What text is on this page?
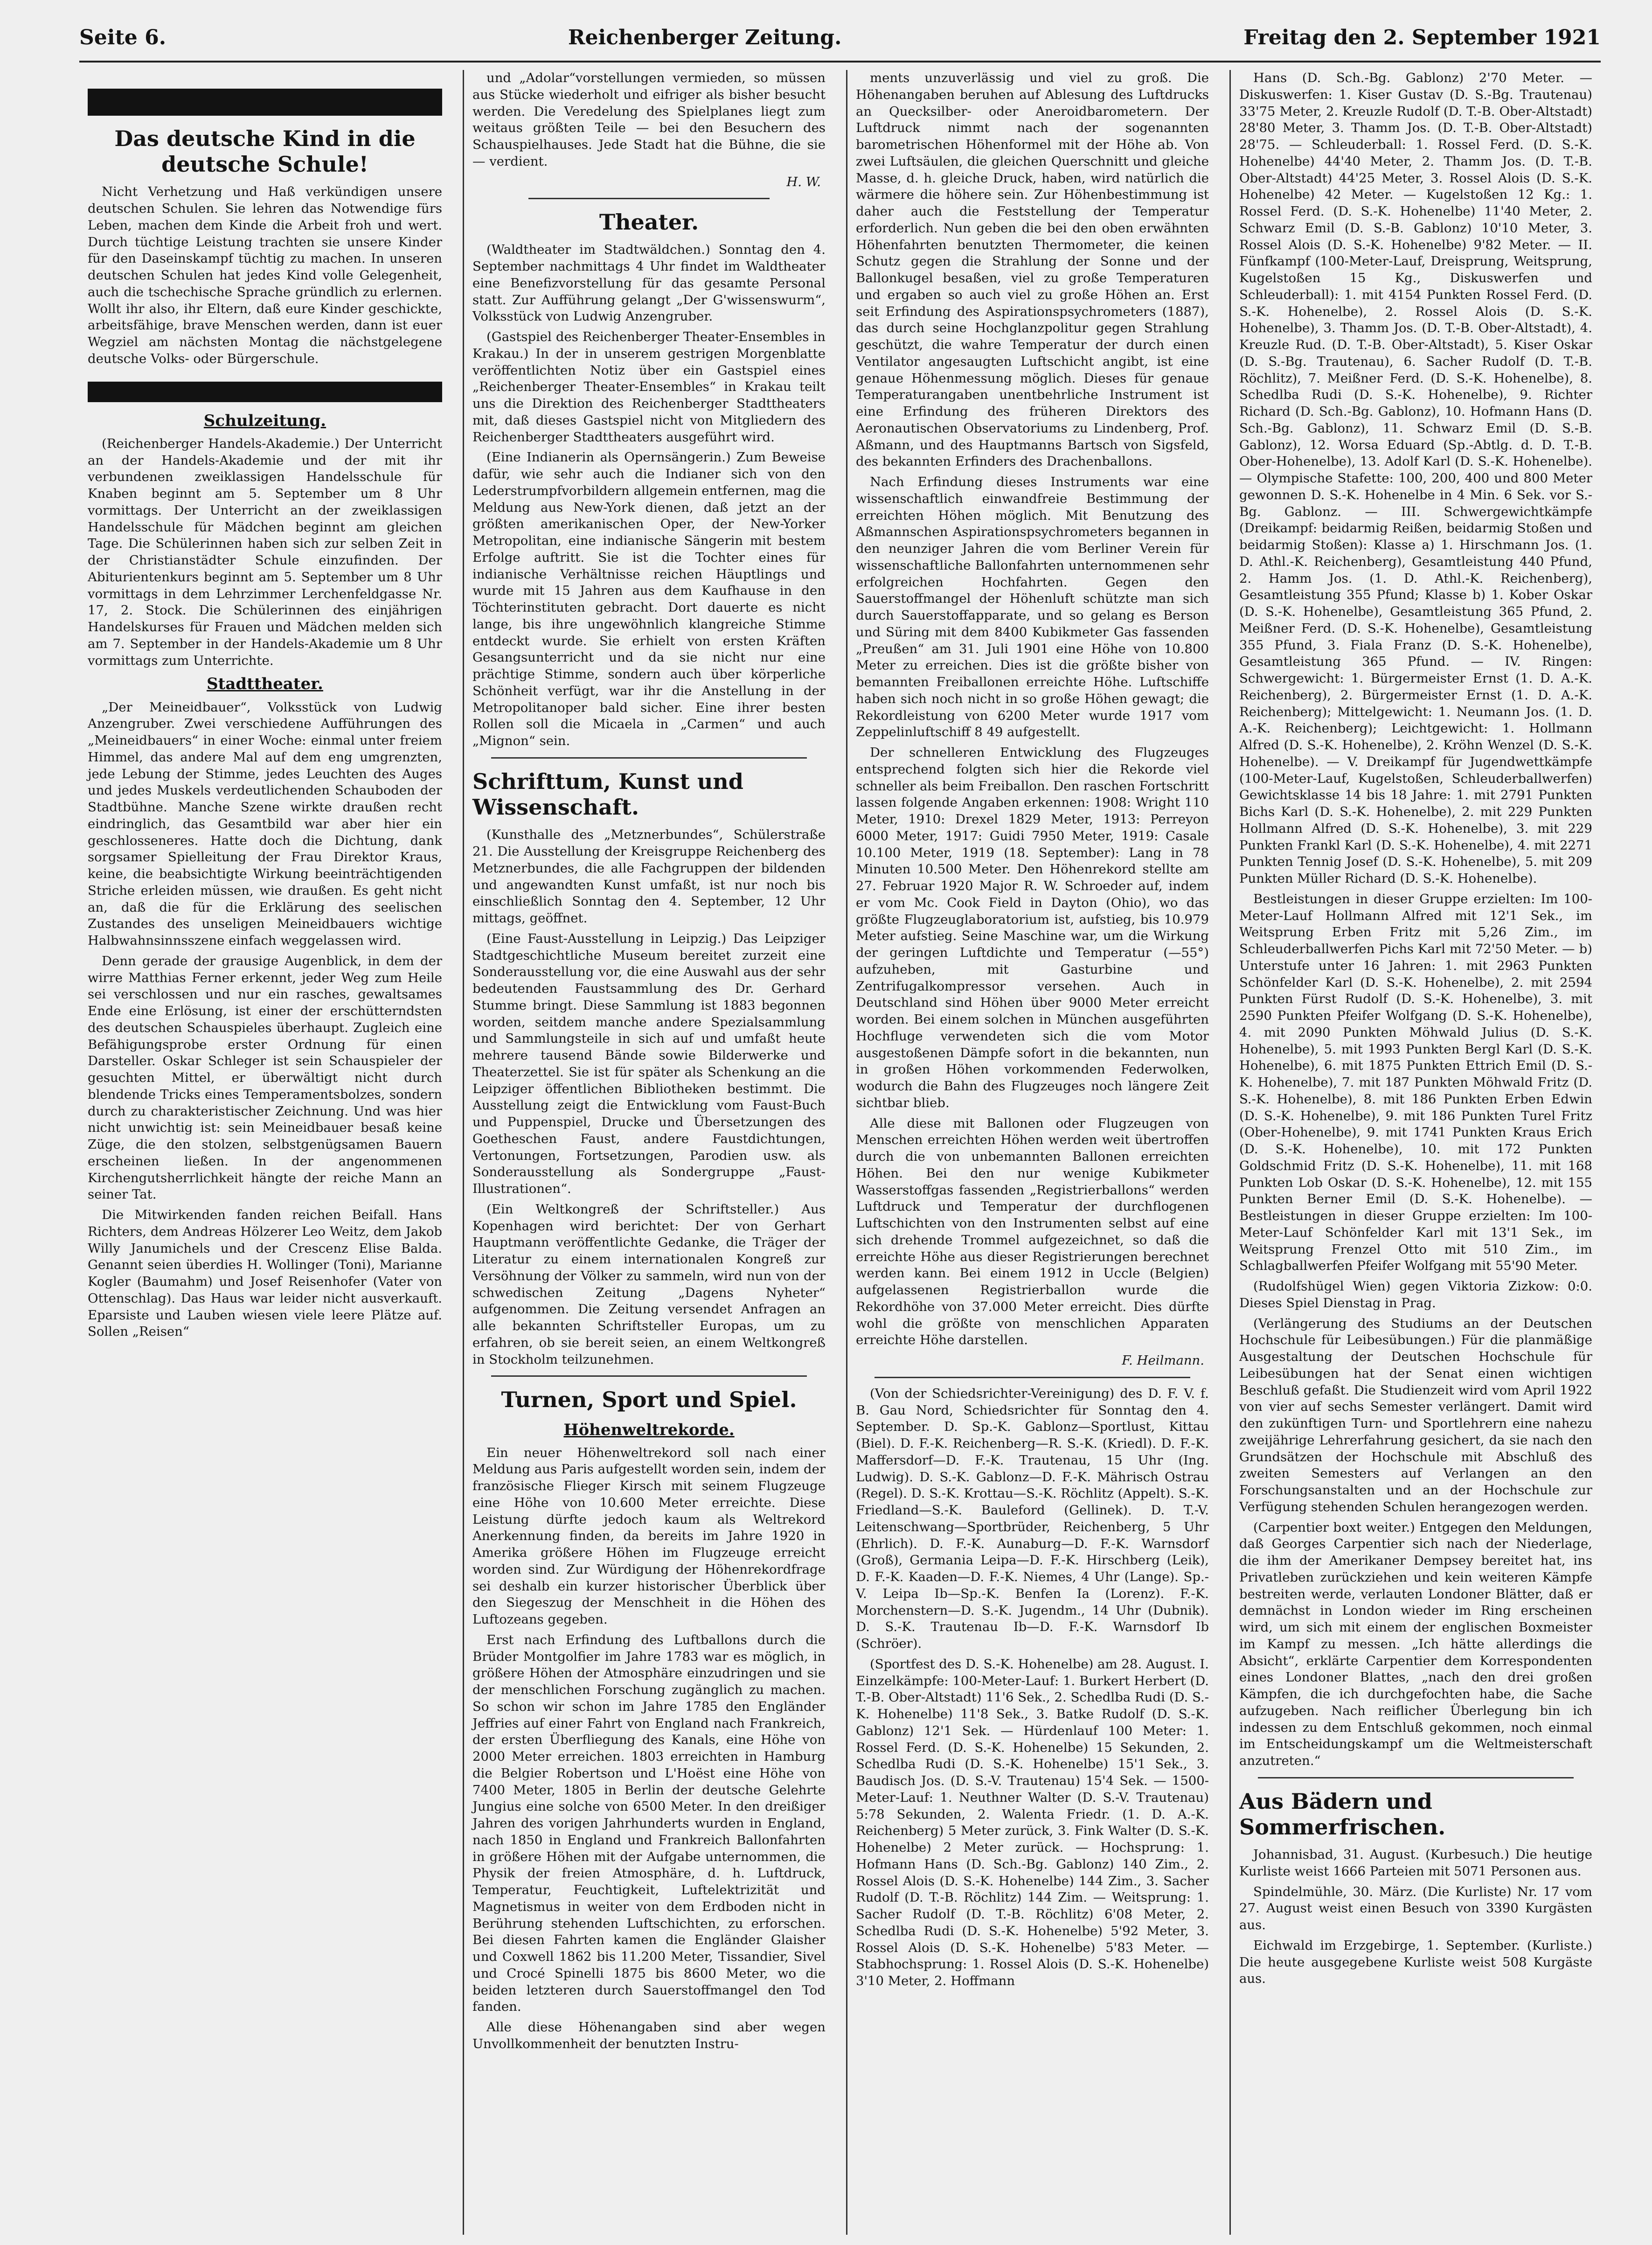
Seite 6.	Reichenberger Zeitung.	Freitag den 2. September 1921
Das deutsche Kind in die deutsche Schule!

Nicht Verhetzung und Haß verkündigen unsere deutschen Schulen. Sie lehren das Notwendige fürs Leben, machen dem Kinde die Arbeit froh und wert. Durch tüchtige Leistung trachten sie unsere Kinder für den Daseinskampf tüchtig zu machen. In unseren deutschen Schulen hat jedes Kind volle Gelegenheit, auch die tschechische Sprache gründlich zu erlernen. Wollt ihr also, ihr Eltern, daß eure Kinder geschickte, arbeitsfähige, brave Menschen werden, dann ist euer Wegziel am nächsten Montag die nächstgelegene deutsche Volks- oder Bürgerschule.

Schulzeitung.

(Reichenberger Handels-Akademie.) Der Unterricht an der Handels-Akademie und der mit ihr verbundenen zweiklassigen Handelsschule für Knaben beginnt am 5. September um 8 Uhr vormittags. Der Unterricht an der zweiklassigen Handelsschule für Mädchen beginnt am gleichen Tage. Die Schülerinnen haben sich zur selben Zeit in der Christianstädter Schule einzufinden. Der Abiturientenkurs beginnt am 5. September um 8 Uhr vormittags in dem Lehrzimmer Lerchenfeldgasse Nr. 17, 2. Stock. Die Schülerinnen des einjährigen Handelskurses für Frauen und Mädchen melden sich am 7. September in der Handels-Akademie um 8 Uhr vormittags zum Unterrichte.

Stadttheater.

„Der Meineidbauer“, Volksstück von Ludwig Anzengruber. Zwei verschiedene Aufführungen des „Meineidbauers“ in einer Woche: einmal unter freiem Himmel, das andere Mal auf dem eng umgrenzten, jede Lebung der Stimme, jedes Leuchten des Auges und jedes Muskels verdeutlichenden Schauboden der Stadtbühne. Manche Szene wirkte draußen recht eindringlich, das Gesamtbild war aber hier ein geschlosseneres. Hatte doch die Dichtung, dank sorgsamer Spielleitung der Frau Direktor Kraus, keine, die beabsichtigte Wirkung beeinträchtigenden Striche erleiden müssen, wie draußen. Es geht nicht an, daß die für die Erklärung des seelischen Zustandes des unseligen Meineidbauers wichtige Halbwahnsinnsszene einfach weggelassen wird.

Denn gerade der grausige Augenblick, in dem der wirre Matthias Ferner erkennt, jeder Weg zum Heile sei verschlossen und nur ein rasches, gewaltsames Ende eine Erlösung, ist einer der erschütterndsten des deutschen Schauspieles überhaupt. Zugleich eine Befähigungsprobe erster Ordnung für einen Darsteller. Oskar Schleger ist sein Schauspieler der gesuchten Mittel, er überwältigt nicht durch blendende Tricks eines Temperamentsbolzes, sondern durch zu charakteristischer Zeichnung. Und was hier nicht unwichtig ist: sein Meineidbauer besaß keine Züge, die den stolzen, selbstgenügsamen Bauern erscheinen ließen. In der angenommenen Kirchengutsherrlichkeit hängte der reiche Mann an seiner Tat.

Die Mitwirkenden fanden reichen Beifall. Hans Richters, dem Andreas Hölzerer Leo Weitz, dem Jakob Willy Janumichels und der Crescenz Elise Balda. Genannt seien überdies H. Wollinger (Toni), Marianne Kogler (Baumahm) und Josef Reisenhofer (Vater von Ottenschlag). Das Haus war leider nicht ausverkauft. Eparsiste und Lauben wiesen viele leere Plätze auf. Sollen „Reisen“

und „Adolar“vorstellungen vermieden, so müssen aus Stücke wiederholt und eifriger als bisher besucht werden. Die Veredelung des Spielplanes liegt zum weitaus größten Teile — bei den Besuchern des Schauspielhauses. Jede Stadt hat die Bühne, die sie — verdient.

H. W.
Theater.

(Waldtheater im Stadtwäldchen.) Sonntag den 4. September nachmittags 4 Uhr findet im Waldtheater eine Benefizvorstellung für das gesamte Personal statt. Zur Aufführung gelangt „Der G'wissenswurm“, Volksstück von Ludwig Anzengruber.

(Gastspiel des Reichenberger Theater-Ensembles in Krakau.) In der in unserem gestrigen Morgenblatte veröffentlichten Notiz über ein Gastspiel eines „Reichenberger Theater-Ensembles“ in Krakau teilt uns die Direktion des Reichenberger Stadttheaters mit, daß dieses Gastspiel nicht von Mitgliedern des Reichenberger Stadttheaters ausgeführt wird.

(Eine Indianerin als Opernsängerin.) Zum Beweise dafür, wie sehr auch die Indianer sich von den Lederstrumpfvorbildern allgemein entfernen, mag die Meldung aus New-York dienen, daß jetzt an der größten amerikanischen Oper, der New-Yorker Metropolitan, eine indianische Sängerin mit bestem Erfolge auftritt. Sie ist die Tochter eines für indianische Verhältnisse reichen Häuptlings und wurde mit 15 Jahren aus dem Kaufhause in den Töchterinstituten gebracht. Dort dauerte es nicht lange, bis ihre ungewöhnlich klangreiche Stimme entdeckt wurde. Sie erhielt von ersten Kräften Gesangsunterricht und da sie nicht nur eine prächtige Stimme, sondern auch über körperliche Schönheit verfügt, war ihr die Anstellung in der Metropolitanoper bald sicher. Eine ihrer besten Rollen soll die Micaela in „Carmen“ und auch „Mignon“ sein.

Schrifttum, Kunst und Wissenschaft.

(Kunsthalle des „Metznerbundes“, Schülerstraße 21. Die Ausstellung der Kreisgruppe Reichenberg des Metznerbundes, die alle Fachgruppen der bildenden und angewandten Kunst umfaßt, ist nur noch bis einschließlich Sonntag den 4. September, 12 Uhr mittags, geöffnet.

(Eine Faust-Ausstellung in Leipzig.) Das Leipziger Stadtgeschichtliche Museum bereitet zurzeit eine Sonderausstellung vor, die eine Auswahl aus der sehr bedeutenden Faustsammlung des Dr. Gerhard Stumme bringt. Diese Sammlung ist 1883 begonnen worden, seitdem manche andere Spezialsammlung und Sammlungsteile in sich auf und umfaßt heute mehrere tausend Bände sowie Bilderwerke und Theaterzettel. Sie ist für später als Schenkung an die Leipziger öffentlichen Bibliotheken bestimmt. Die Ausstellung zeigt die Entwicklung vom Faust-Buch und Puppenspiel, Drucke und Übersetzungen des Goetheschen Faust, andere Faustdichtungen, Vertonungen, Fortsetzungen, Parodien usw. als Sonderausstellung als Sondergruppe „Faust-Illustrationen“.

(Ein Weltkongreß der Schriftsteller.) Aus Kopenhagen wird berichtet: Der von Gerhart Hauptmann veröffentlichte Gedanke, die Träger der Literatur zu einem internationalen Kongreß zur Versöhnung der Völker zu sammeln, wird nun von der schwedischen Zeitung „Dagens Nyheter“ aufgenommen. Die Zeitung versendet Anfragen an alle bekannten Schriftsteller Europas, um zu erfahren, ob sie bereit seien, an einem Weltkongreß in Stockholm teilzunehmen.

Turnen, Sport und Spiel.
Höhenweltrekorde.

Ein neuer Höhenweltrekord soll nach einer Meldung aus Paris aufgestellt worden sein, indem der französische Flieger Kirsch mit seinem Flugzeuge eine Höhe von 10.600 Meter erreichte. Diese Leistung dürfte jedoch kaum als Weltrekord Anerkennung finden, da bereits im Jahre 1920 in Amerika größere Höhen im Flugzeuge erreicht worden sind. Zur Würdigung der Höhenrekordfrage sei deshalb ein kurzer historischer Überblick über den Siegeszug der Menschheit in die Höhen des Luftozeans gegeben.

Erst nach Erfindung des Luftballons durch die Brüder Montgolfier im Jahre 1783 war es möglich, in größere Höhen der Atmosphäre einzudringen und sie der menschlichen Forschung zugänglich zu machen. So schon wir schon im Jahre 1785 den Engländer Jeffries auf einer Fahrt von England nach Frankreich, der ersten Überfliegung des Kanals, eine Höhe von 2000 Meter erreichen. 1803 erreichten in Hamburg die Belgier Robertson und L'Hoëst eine Höhe von 7400 Meter, 1805 in Berlin der deutsche Gelehrte Jungius eine solche von 6500 Meter. In den dreißiger Jahren des vorigen Jahrhunderts wurden in England, nach 1850 in England und Frankreich Ballonfahrten in größere Höhen mit der Aufgabe unternommen, die Physik der freien Atmosphäre, d. h. Luftdruck, Temperatur, Feuchtigkeit, Luftelektrizität und Magnetismus in weiter von dem Erdboden nicht in Berührung stehenden Luftschichten, zu erforschen. Bei diesen Fahrten kamen die Engländer Glaisher und Coxwell 1862 bis 11.200 Meter, Tissandier, Sivel und Crocé Spinelli 1875 bis 8600 Meter, wo die beiden letzteren durch Sauerstoffmangel den Tod fanden.

Alle diese Höhenangaben sind aber wegen Unvollkommenheit der benutzten Instru-

ments unzuverlässig und viel zu groß. Die Höhenangaben beruhen auf Ablesung des Luftdrucks an Quecksilber- oder Aneroidbarometern. Der Luftdruck nimmt nach der sogenannten barometrischen Höhenformel mit der Höhe ab. Von zwei Luftsäulen, die gleichen Querschnitt und gleiche Masse, d. h. gleiche Druck, haben, wird natürlich die wärmere die höhere sein. Zur Höhenbestimmung ist daher auch die Feststellung der Temperatur erforderlich. Nun geben die bei den oben erwähnten Höhenfahrten benutzten Thermometer, die keinen Schutz gegen die Strahlung der Sonne und der Ballonkugel besaßen, viel zu große Temperaturen und ergaben so auch viel zu große Höhen an. Erst seit Erfindung des Aspirationspsychrometers (1887), das durch seine Hochglanzpolitur gegen Strahlung geschützt, die wahre Temperatur der durch einen Ventilator angesaugten Luftschicht angibt, ist eine genaue Höhenmessung möglich. Dieses für genaue Temperaturangaben unentbehrliche Instrument ist eine Erfindung des früheren Direktors des Aeronautischen Observatoriums zu Lindenberg, Prof. Aßmann, und des Hauptmanns Bartsch von Sigsfeld, des bekannten Erfinders des Drachenballons.

Nach Erfindung dieses Instruments war eine wissenschaftlich einwandfreie Bestimmung der erreichten Höhen möglich. Mit Benutzung des Aßmannschen Aspirationspsychrometers begannen in den neunziger Jahren die vom Berliner Verein für wissenschaftliche Ballonfahrten unternommenen sehr erfolgreichen Hochfahrten. Gegen den Sauerstoffmangel der Höhenluft schützte man sich durch Sauerstoffapparate, und so gelang es Berson und Süring mit dem 8400 Kubikmeter Gas fassenden „Preußen“ am 31. Juli 1901 eine Höhe von 10.800 Meter zu erreichen. Dies ist die größte bisher von bemannten Freiballonen erreichte Höhe. Luftschiffe haben sich noch nicht in so große Höhen gewagt; die Rekordleistung von 6200 Meter wurde 1917 vom Zeppelinluftschiff 8 49 aufgestellt.

Der schnelleren Entwicklung des Flugzeuges entsprechend folgten sich hier die Rekorde viel schneller als beim Freiballon. Den raschen Fortschritt lassen folgende Angaben erkennen: 1908: Wright 110 Meter, 1910: Drexel 1829 Meter, 1913: Perreyon 6000 Meter, 1917: Guidi 7950 Meter, 1919: Casale 10.100 Meter, 1919 (18. September): Lang in 78 Minuten 10.500 Meter. Den Höhenrekord stellte am 27. Februar 1920 Major R. W. Schroeder auf, indem er vom Mc. Cook Field in Dayton (Ohio), wo das größte Flugzeuglaboratorium ist, aufstieg, bis 10.979 Meter aufstieg. Seine Maschine war, um die Wirkung der geringen Luftdichte und Temperatur (—55°) aufzuheben, mit Gasturbine und Zentrifugalkompressor versehen. Auch in Deutschland sind Höhen über 9000 Meter erreicht worden. Bei einem solchen in München ausgeführten Hochfluge verwendeten sich die vom Motor ausgestoßenen Dämpfe sofort in die bekannten, nun in großen Höhen vorkommenden Federwolken, wodurch die Bahn des Flugzeuges noch längere Zeit sichtbar blieb.

Alle diese mit Ballonen oder Flugzeugen von Menschen erreichten Höhen werden weit übertroffen durch die von unbemannten Ballonen erreichten Höhen. Bei den nur wenige Kubikmeter Wasserstoffgas fassenden „Registrierballons“ werden Luftdruck und Temperatur der durchflogenen Luftschichten von den Instrumenten selbst auf eine sich drehende Trommel aufgezeichnet, so daß die erreichte Höhe aus dieser Registrierungen berechnet werden kann. Bei einem 1912 in Uccle (Belgien) aufgelassenen Registrierballon wurde die Rekordhöhe von 37.000 Meter erreicht. Dies dürfte wohl die größte von menschlichen Apparaten erreichte Höhe darstellen.

F. Heilmann.

(Von der Schiedsrichter-Vereinigung) des D. F. V. f. B. Gau Nord, Schiedsrichter für Sonntag den 4. September. D. Sp.-K. Gablonz—Sportlust, Kittau (Biel). D. F.-K. Reichenberg—R. S.-K. (Kriedl). D. F.-K. Maffersdorf—D. F.-K. Trautenau, 15 Uhr (Ing. Ludwig). D. S.-K. Gablonz—D. F.-K. Mährisch Ostrau (Regel). D. S.-K. Krottau—S.-K. Röchlitz (Appelt). S.-K. Friedland—S.-K. Bauleford (Gellinek). D. T.-V. Leitenschwang—Sportbrüder, Reichenberg, 5 Uhr (Ehrlich). D. F.-K. Aunaburg—D. F.-K. Warnsdorf (Groß), Germania Leipa—D. F.-K. Hirschberg (Leik), D. F.-K. Kaaden—D. F.-K. Niemes, 4 Uhr (Lange). Sp.-V. Leipa Ib—Sp.-K. Benfen Ia (Lorenz). F.-K. Morchenstern—D. S.-K. Jugendm., 14 Uhr (Dubnik). D. S.-K. Trautenau Ib—D. F.-K. Warnsdorf Ib (Schröer).

(Sportfest des D. S.-K. Hohenelbe) am 28. August. I. Einzelkämpfe: 100-Meter-Lauf: 1. Burkert Herbert (D. T.-B. Ober-Altstadt) 11'6 Sek., 2. Schedlba Rudi (D. S.-K. Hohenelbe) 11'8 Sek., 3. Batke Rudolf (D. S.-K. Gablonz) 12'1 Sek. — Hürdenlauf 100 Meter: 1. Rossel Ferd. (D. S.-K. Hohenelbe) 15 Sekunden, 2. Schedlba Rudi (D. S.-K. Hohenelbe) 15'1 Sek., 3. Baudisch Jos. (D. S.-V. Trautenau) 15'4 Sek. — 1500-Meter-Lauf: 1. Neuthner Walter (D. S.-V. Trautenau) 5:78 Sekunden, 2. Walenta Friedr. (1. D. A.-K. Reichenberg) 5 Meter zurück, 3. Fink Walter (D. S.-K. Hohenelbe) 2 Meter zurück. — Hochsprung: 1. Hofmann Hans (D. Sch.-Bg. Gablonz) 140 Zim., 2. Rossel Alois (D. S.-K. Hohenelbe) 144 Zim., 3. Sacher Rudolf (D. T.-B. Röchlitz) 144 Zim. — Weitsprung: 1. Sacher Rudolf (D. T.-B. Röchlitz) 6'08 Meter, 2. Schedlba Rudi (D. S.-K. Hohenelbe) 5'92 Meter, 3. Rossel Alois (D. S.-K. Hohenelbe) 5'83 Meter. — Stabhochsprung: 1. Rossel Alois (D. S.-K. Hohenelbe) 3'10 Meter, 2. Hoffmann

Hans (D. Sch.-Bg. Gablonz) 2'70 Meter. — Diskuswerfen: 1. Kiser Gustav (D. S.-Bg. Trautenau) 33'75 Meter, 2. Kreuzle Rudolf (D. T.-B. Ober-Altstadt) 28'80 Meter, 3. Thamm Jos. (D. T.-B. Ober-Altstadt) 28'75. — Schleuderball: 1. Rossel Ferd. (D. S.-K. Hohenelbe) 44'40 Meter, 2. Thamm Jos. (D. T.-B. Ober-Altstadt) 44'25 Meter, 3. Rossel Alois (D. S.-K. Hohenelbe) 42 Meter. — Kugelstoßen 12 Kg.: 1. Rossel Ferd. (D. S.-K. Hohenelbe) 11'40 Meter, 2. Schwarz Emil (D. S.-B. Gablonz) 10'10 Meter, 3. Rossel Alois (D. S.-K. Hohenelbe) 9'82 Meter. — II. Fünfkampf (100-Meter-Lauf, Dreisprung, Weitsprung, Kugelstoßen 15 Kg., Diskuswerfen und Schleuderball): 1. mit 4154 Punkten Rossel Ferd. (D. S.-K. Hohenelbe), 2. Rossel Alois (D. S.-K. Hohenelbe), 3. Thamm Jos. (D. T.-B. Ober-Altstadt), 4. Kreuzle Rud. (D. T.-B. Ober-Altstadt), 5. Kiser Oskar (D. S.-Bg. Trautenau), 6. Sacher Rudolf (D. T.-B. Röchlitz), 7. Meißner Ferd. (D. S.-K. Hohenelbe), 8. Schedlba Rudi (D. S.-K. Hohenelbe), 9. Richter Richard (D. Sch.-Bg. Gablonz), 10. Hofmann Hans (D. Sch.-Bg. Gablonz), 11. Schwarz Emil (D. S.-B. Gablonz), 12. Worsa Eduard (Sp.-Abtlg. d. D. T.-B. Ober-Hohenelbe), 13. Adolf Karl (D. S.-K. Hohenelbe). — Olympische Stafette: 100, 200, 400 und 800 Meter gewonnen D. S.-K. Hohenelbe in 4 Min. 6 Sek. vor S.-Bg. Gablonz. — III. Schwergewichtkämpfe (Dreikampf: beidarmig Reißen, beidarmig Stoßen und beidarmig Stoßen): Klasse a) 1. Hirschmann Jos. (1. D. Athl.-K. Reichenberg), Gesamtleistung 440 Pfund, 2. Hamm Jos. (1. D. Athl.-K. Reichenberg), Gesamtleistung 355 Pfund; Klasse b) 1. Kober Oskar (D. S.-K. Hohenelbe), Gesamtleistung 365 Pfund, 2. Meißner Ferd. (D. S.-K. Hohenelbe), Gesamtleistung 355 Pfund, 3. Fiala Franz (D. S.-K. Hohenelbe), Gesamtleistung 365 Pfund. — IV. Ringen: Schwergewicht: 1. Bürgermeister Ernst (1. D. A.-K. Reichenberg), 2. Bürgermeister Ernst (1. D. A.-K. Reichenberg); Mittelgewicht: 1. Neumann Jos. (1. D. A.-K. Reichenberg); Leichtgewicht: 1. Hollmann Alfred (D. S.-K. Hohenelbe), 2. Kröhn Wenzel (D. S.-K. Hohenelbe). — V. Dreikampf für Jugendwettkämpfe (100-Meter-Lauf, Kugelstoßen, Schleuderballwerfen) Gewichtsklasse 14 bis 18 Jahre: 1. mit 2791 Punkten Bichs Karl (D. S.-K. Hohenelbe), 2. mit 229 Punkten Hollmann Alfred (D. S.-K. Hohenelbe), 3. mit 229 Punkten Frankl Karl (D. S.-K. Hohenelbe), 4. mit 2271 Punkten Tennig Josef (D. S.-K. Hohenelbe), 5. mit 209 Punkten Müller Richard (D. S.-K. Hohenelbe).

Bestleistungen in dieser Gruppe erzielten: Im 100-Meter-Lauf Hollmann Alfred mit 12'1 Sek., im Weitsprung Erben Fritz mit 5,26 Zim., im Schleuderballwerfen Pichs Karl mit 72'50 Meter. — b) Unterstufe unter 16 Jahren: 1. mit 2963 Punkten Schönfelder Karl (D. S.-K. Hohenelbe), 2. mit 2594 Punkten Fürst Rudolf (D. S.-K. Hohenelbe), 3. mit 2590 Punkten Pfeifer Wolfgang (D. S.-K. Hohenelbe), 4. mit 2090 Punkten Möhwald Julius (D. S.-K. Hohenelbe), 5. mit 1993 Punkten Bergl Karl (D. S.-K. Hohenelbe), 6. mit 1875 Punkten Ettrich Emil (D. S.-K. Hohenelbe), 7. mit 187 Punkten Möhwald Fritz (D. S.-K. Hohenelbe), 8. mit 186 Punkten Erben Edwin (D. S.-K. Hohenelbe), 9. mit 186 Punkten Turel Fritz (Ober-Hohenelbe), 9. mit 1741 Punkten Kraus Erich (D. S.-K. Hohenelbe), 10. mit 172 Punkten Goldschmid Fritz (D. S.-K. Hohenelbe), 11. mit 168 Punkten Lob Oskar (D. S.-K. Hohenelbe), 12. mit 155 Punkten Berner Emil (D. S.-K. Hohenelbe). — Bestleistungen in dieser Gruppe erzielten: Im 100-Meter-Lauf Schönfelder Karl mit 13'1 Sek., im Weitsprung Frenzel Otto mit 510 Zim., im Schlagballwerfen Pfeifer Wolfgang mit 55'90 Meter.

(Rudolfshügel Wien) gegen Viktoria Zizkow: 0:0. Dieses Spiel Dienstag in Prag.

(Verlängerung des Studiums an der Deutschen Hochschule für Leibesübungen.) Für die planmäßige Ausgestaltung der Deutschen Hochschule für Leibesübungen hat der Senat einen wichtigen Beschluß gefaßt. Die Studienzeit wird vom April 1922 von vier auf sechs Semester verlängert. Damit wird den zukünftigen Turn- und Sportlehrern eine nahezu zweijährige Lehrerfahrung gesichert, da sie nach den Grundsätzen der Hochschule mit Abschluß des zweiten Semesters auf Verlangen an den Forschungsanstalten und an der Hochschule zur Verfügung stehenden Schulen herangezogen werden.

(Carpentier boxt weiter.) Entgegen den Meldungen, daß Georges Carpentier sich nach der Niederlage, die ihm der Amerikaner Dempsey bereitet hat, ins Privatleben zurückziehen und kein weiteren Kämpfe bestreiten werde, verlauten Londoner Blätter, daß er demnächst in London wieder im Ring erscheinen wird, um sich mit einem der englischen Boxmeister im Kampf zu messen. „Ich hätte allerdings die Absicht“, erklärte Carpentier dem Korrespondenten eines Londoner Blattes, „nach den drei großen Kämpfen, die ich durchgefochten habe, die Sache aufzugeben. Nach reiflicher Überlegung bin ich indessen zu dem Entschluß gekommen, noch einmal im Entscheidungskampf um die Weltmeisterschaft anzutreten.“

Aus Bädern und Sommerfrischen.

Johannisbad, 31. August. (Kurbesuch.) Die heutige Kurliste weist 1666 Parteien mit 5071 Personen aus.

Spindelmühle, 30. März. (Die Kurliste) Nr. 17 vom 27. August weist einen Besuch von 3390 Kurgästen aus.

Eichwald im Erzgebirge, 1. September. (Kurliste.) Die heute ausgegebene Kurliste weist 508 Kurgäste aus.
